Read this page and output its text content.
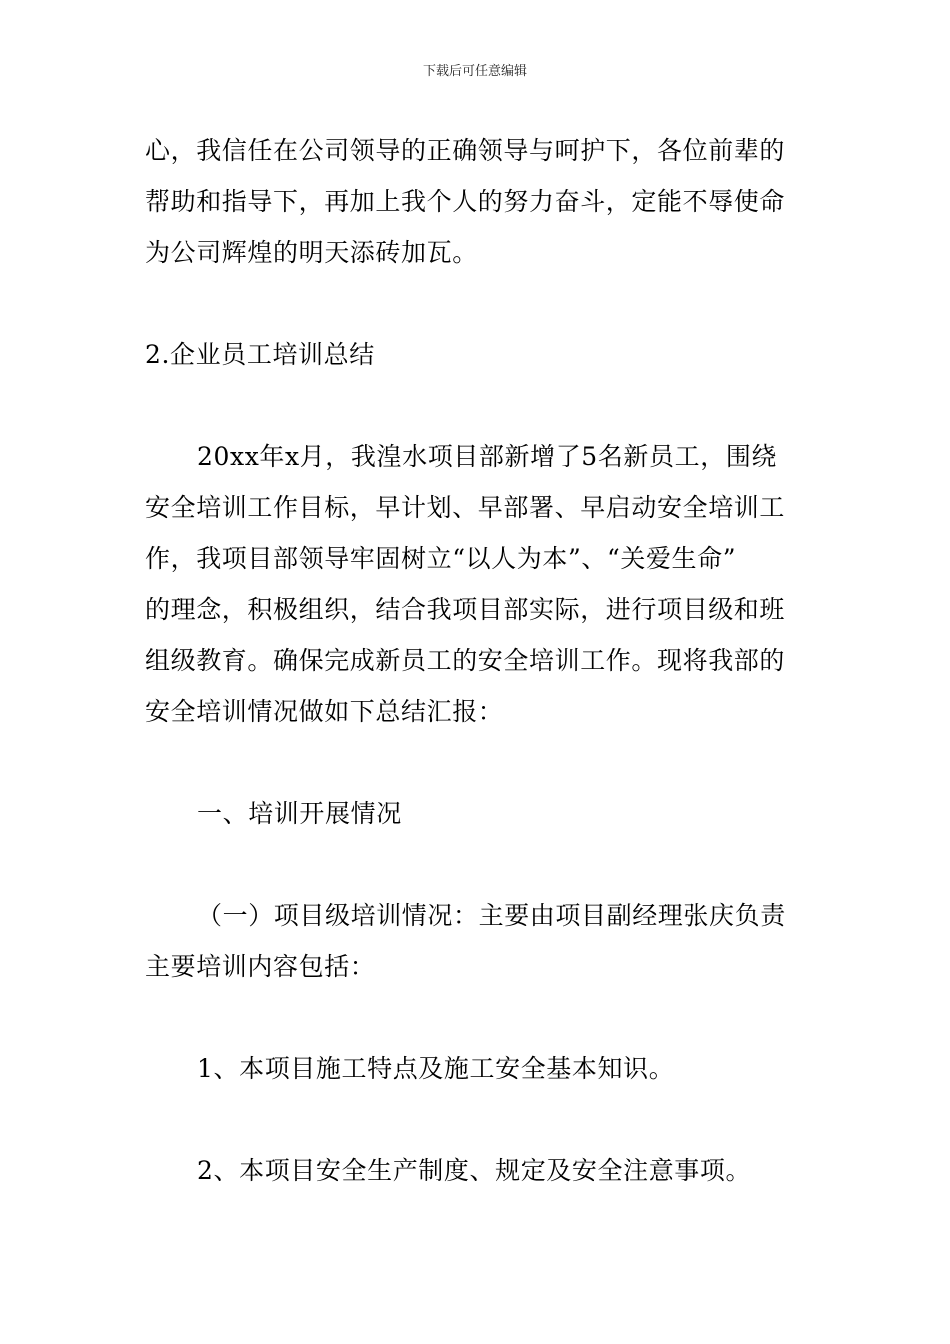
下载后可任意编辑

心，我信任在公司领导的正确领导与呵护下，各位前辈的

帮助和指导下，再加上我个人的努力奋斗，定能不辱使命

为公司辉煌的明天添砖加瓦。

2.企业员工培训总结

20xx年x月，我湟水项目部新增了5名新员工，围绕

安全培训工作目标，早计划、早部署、早启动安全培训工

作，我项目部领导牢固树立“以人为本”、“关爱生命”

的理念，积极组织，结合我项目部实际，进行项目级和班

组级教育。确保完成新员工的安全培训工作。现将我部的

安全培训情况做如下总结汇报：

一、培训开展情况

（一）项目级培训情况：主要由项目副经理张庆负责

主要培训内容包括：

1、本项目施工特点及施工安全基本知识。

2、本项目安全生产制度、规定及安全注意事项。
